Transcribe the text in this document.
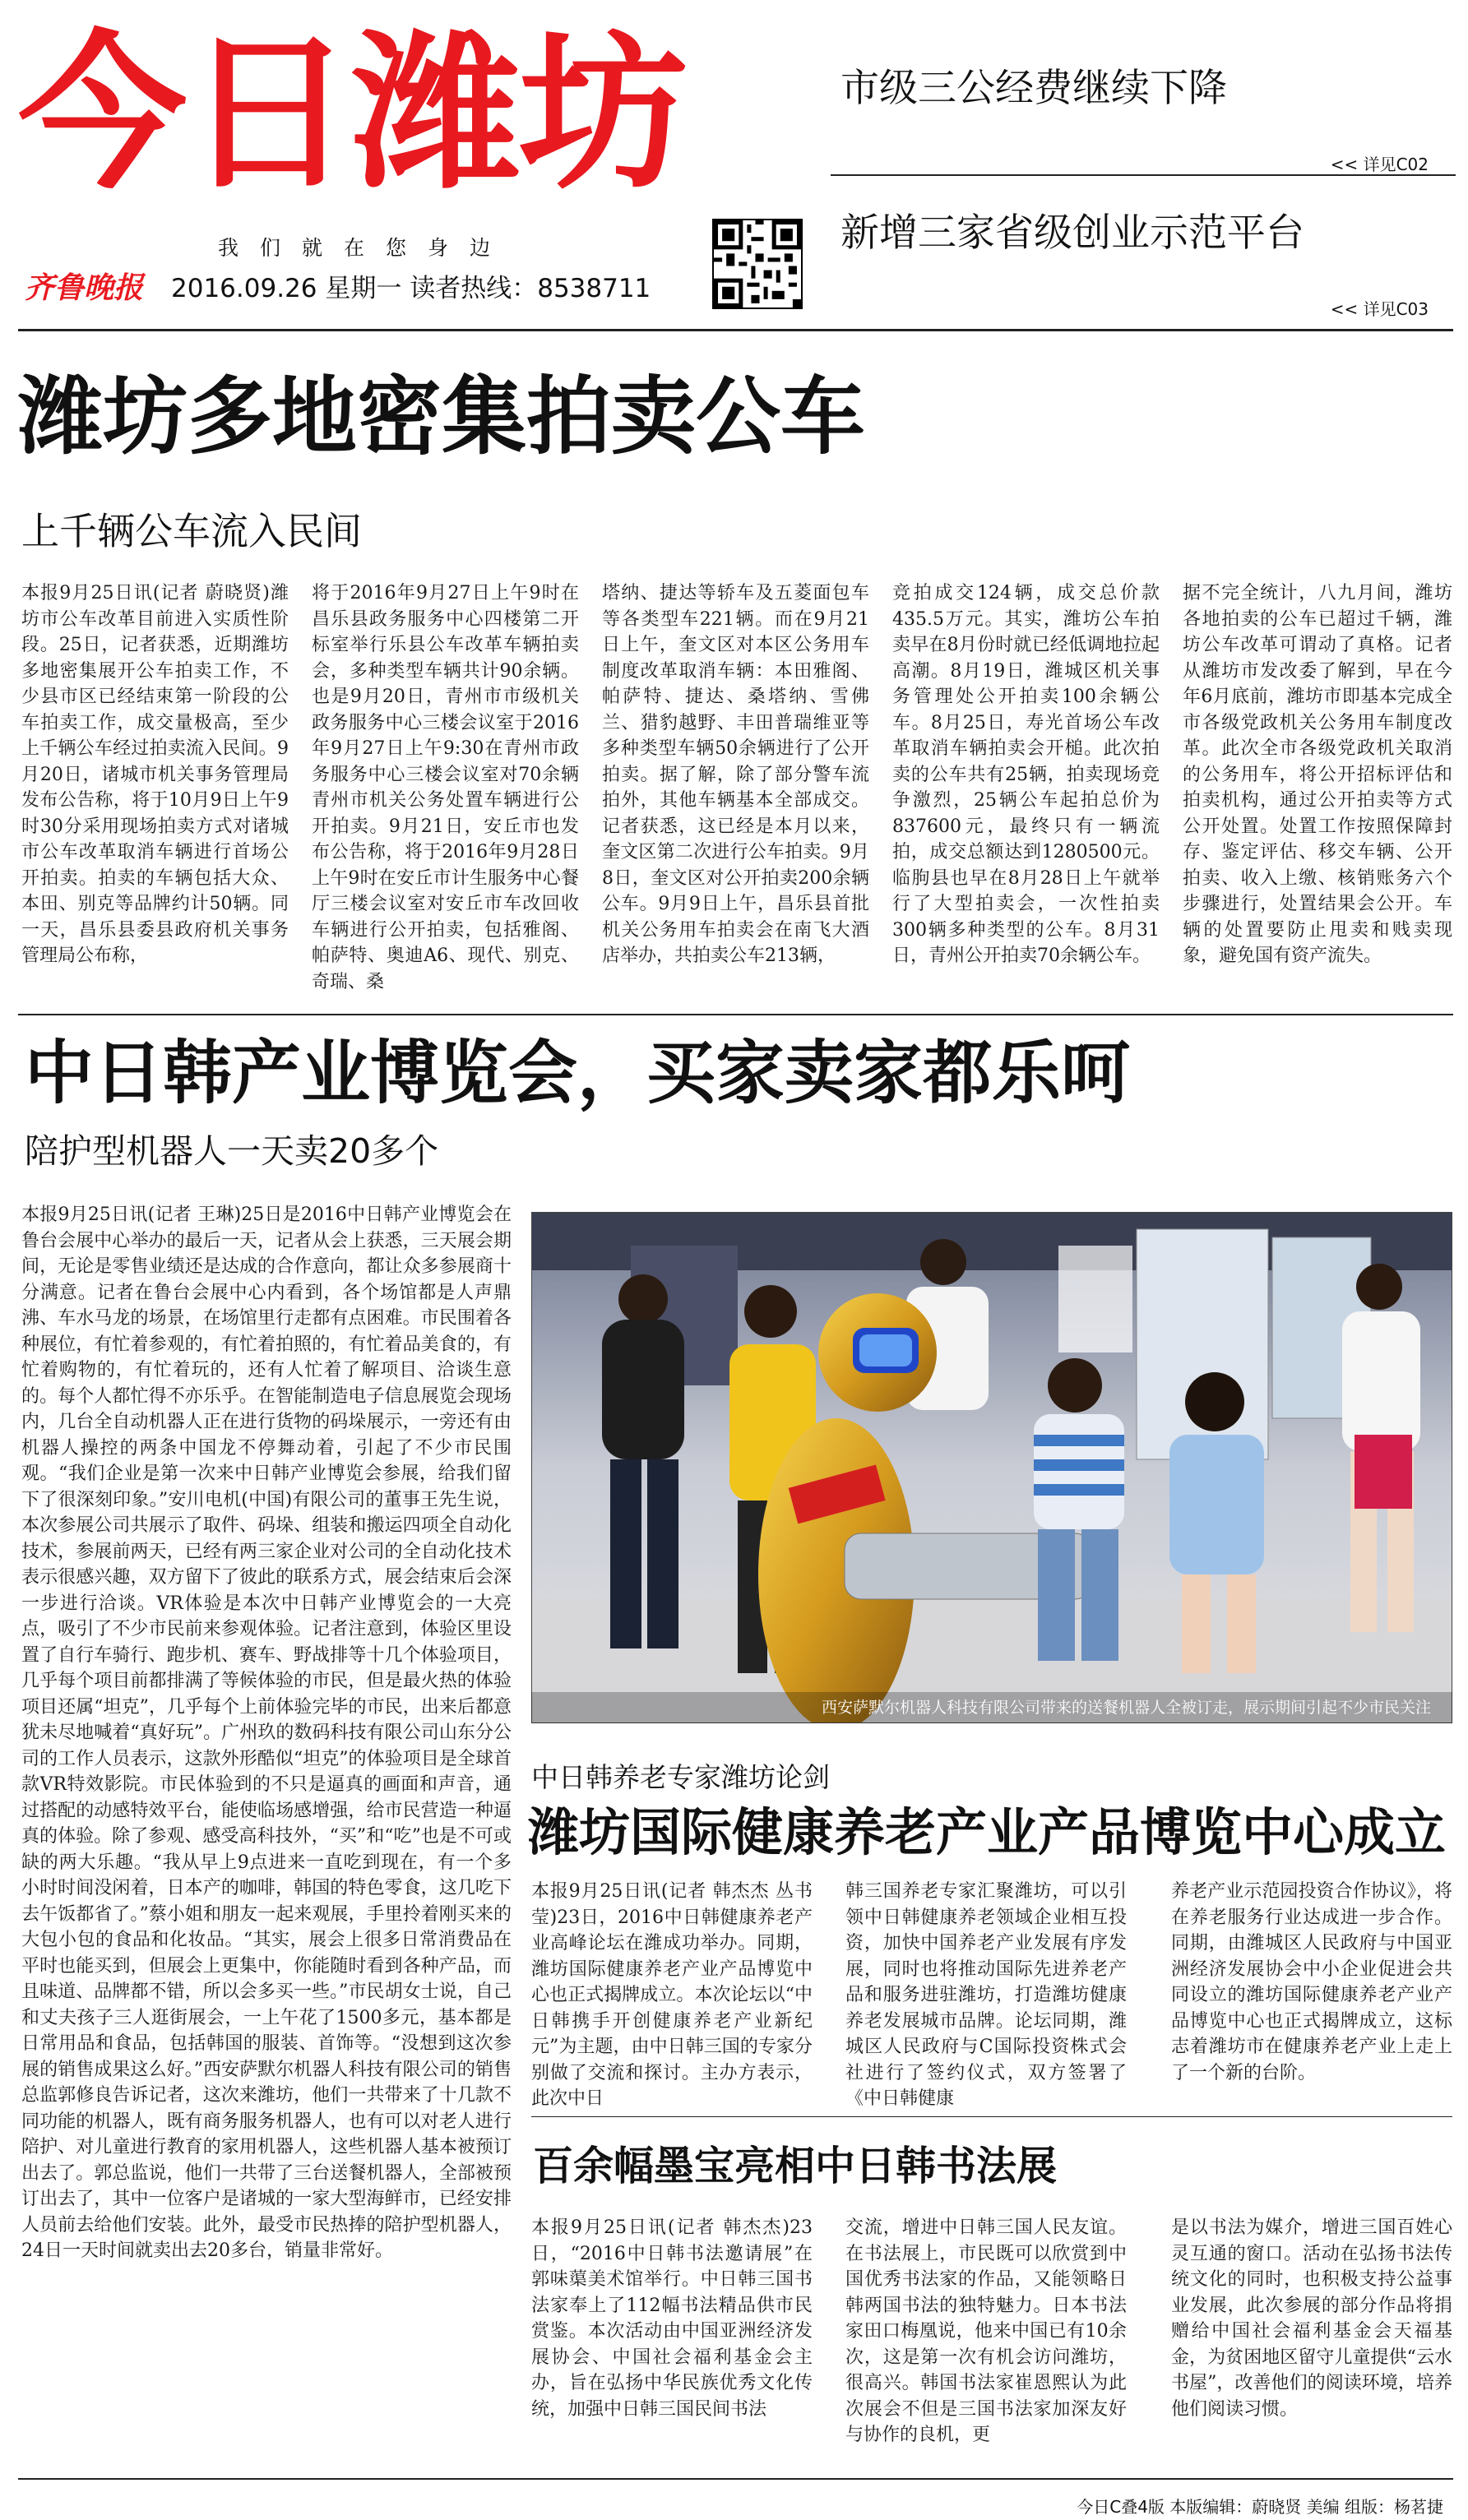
今日潍坊
我们就在您身边
齐鲁晚报 2016.09.26 星期一 读者热线：8538711
市级三公经费继续下降
<< 详见C02
新增三家省级创业示范平台
<< 详见C03
潍坊多地密集拍卖公车
上千辆公车流入民间
本报9月25日讯(记者 蔚晓贤)潍坊市公车改革目前进入实质性阶段。25日，记者获悉，近期潍坊多地密集展开公车拍卖工作，不少县市区已经结束第一阶段的公车拍卖工作，成交量极高，至少上千辆公车经过拍卖流入民间。9月20日，诸城市机关事务管理局发布公告称，将于10月9日上午9时30分采用现场拍卖方式对诸城市公车改革取消车辆进行首场公开拍卖。拍卖的车辆包括大众、本田、别克等品牌约计50辆。同一天，昌乐县委县政府机关事务管理局公布称，
将于2016年9月27日上午9时在昌乐县政务服务中心四楼第二开标室举行乐县公车改革车辆拍卖会，多种类型车辆共计90余辆。也是9月20日，青州市市级机关政务服务中心三楼会议室于2016年9月27日上午9:30在青州市政务服务中心三楼会议室对70余辆青州市机关公务处置车辆进行公开拍卖。9月21日，安丘市也发布公告称，将于2016年9月28日上午9时在安丘市计生服务中心餐厅三楼会议室对安丘市车改回收车辆进行公开拍卖，包括雅阁、帕萨特、奥迪A6、现代、别克、奇瑞、桑
塔纳、捷达等轿车及五菱面包车等各类型车221辆。而在9月21日上午，奎文区对本区公务用车制度改革取消车辆：本田雅阁、帕萨特、捷达、桑塔纳、雪佛兰、猎豹越野、丰田普瑞维亚等多种类型车辆50余辆进行了公开拍卖。据了解，除了部分警车流拍外，其他车辆基本全部成交。记者获悉，这已经是本月以来，奎文区第二次进行公车拍卖。9月8日，奎文区对公开拍卖200余辆公车。9月9日上午，昌乐县首批机关公务用车拍卖会在南飞大酒店举办，共拍卖公车213辆，
竞拍成交124辆，成交总价款435.5万元。其实，潍坊公车拍卖早在8月份时就已经低调地拉起高潮。8月19日，潍城区机关事务管理处公开拍卖100余辆公车。8月25日，寿光首场公车改革取消车辆拍卖会开槌。此次拍卖的公车共有25辆，拍卖现场竞争激烈，25辆公车起拍总价为837600元，最终只有一辆流拍，成交总额达到1280500元。临朐县也早在8月28日上午就举行了大型拍卖会，一次性拍卖300辆多种类型的公车。8月31日，青州公开拍卖70余辆公车。
据不完全统计，八九月间，潍坊各地拍卖的公车已超过千辆，潍坊公车改革可谓动了真格。记者从潍坊市发改委了解到，早在今年6月底前，潍坊市即基本完成全市各级党政机关公务用车制度改革。此次全市各级党政机关取消的公务用车，将公开招标评估和拍卖机构，通过公开拍卖等方式公开处置。处置工作按照保障封存、鉴定评估、移交车辆、公开拍卖、收入上缴、核销账务六个步骤进行，处置结果会公开。车辆的处置要防止甩卖和贱卖现象，避免国有资产流失。
中日韩产业博览会，买家卖家都乐呵
陪护型机器人一天卖20多个
本报9月25日讯(记者 王琳)25日是2016中日韩产业博览会在鲁台会展中心举办的最后一天，记者从会上获悉，三天展会期间，无论是零售业绩还是达成的合作意向，都让众多参展商十分满意。记者在鲁台会展中心内看到，各个场馆都是人声鼎沸、车水马龙的场景，在场馆里行走都有点困难。市民围着各种展位，有忙着参观的，有忙着拍照的，有忙着品美食的，有忙着购物的，有忙着玩的，还有人忙着了解项目、洽谈生意的。每个人都忙得不亦乐乎。在智能制造电子信息展览会现场内，几台全自动机器人正在进行货物的码垛展示，一旁还有由机器人操控的两条中国龙不停舞动着，引起了不少市民围观。“我们企业是第一次来中日韩产业博览会参展，给我们留下了很深刻印象。”安川电机(中国)有限公司的董事王先生说，本次参展公司共展示了取件、码垛、组装和搬运四项全自动化技术，参展前两天，已经有两三家企业对公司的全自动化技术表示很感兴趣，双方留下了彼此的联系方式，展会结束后会深一步进行洽谈。VR体验是本次中日韩产业博览会的一大亮点，吸引了不少市民前来参观体验。记者注意到，体验区里设置了自行车骑行、跑步机、赛车、野战排等十几个体验项目，几乎每个项目前都排满了等候体验的市民，但是最火热的体验项目还属“坦克”，几乎每个上前体验完毕的市民，出来后都意犹未尽地喊着“真好玩”。广州玖的数码科技有限公司山东分公司的工作人员表示，这款外形酷似“坦克”的体验项目是全球首款VR特效影院。市民体验到的不只是逼真的画面和声音，通过搭配的动感特效平台，能使临场感增强，给市民营造一种逼真的体验。除了参观、感受高科技外，“买”和“吃”也是不可或缺的两大乐趣。“我从早上9点进来一直吃到现在，有一个多小时时间没闲着，日本产的咖啡，韩国的特色零食，这几吃下去午饭都省了。”蔡小姐和朋友一起来观展，手里拎着刚买来的大包小包的食品和化妆品。“其实，展会上很多日常消费品在平时也能买到，但展会上更集中，你能随时看到各种产品，而且味道、品牌都不错，所以会多买一些。”市民胡女士说，自己和丈夫孩子三人逛街展会，一上午花了1500多元，基本都是日常用品和食品，包括韩国的服装、首饰等。“没想到这次参展的销售成果这么好。”西安萨默尔机器人科技有限公司的销售总监郭修良告诉记者，这次来潍坊，他们一共带来了十几款不同功能的机器人，既有商务服务机器人，也有可以对老人进行陪护、对儿童进行教育的家用机器人，这些机器人基本被预订出去了。郭总监说，他们一共带了三台送餐机器人，全部被预订出去了，其中一位客户是诸城的一家大型海鲜市，已经安排人员前去给他们安装。此外，最受市民热捧的陪护型机器人，24日一天时间就卖出去20多台，销量非常好。
西安萨默尔机器人科技有限公司带来的送餐机器人全被订走，展示期间引起不少市民关注
中日韩养老专家潍坊论剑
潍坊国际健康养老产业产品博览中心成立
本报9月25日讯(记者 韩杰杰 丛书莹)23日，2016中日韩健康养老产业高峰论坛在潍成功举办。同期，潍坊国际健康养老产业产品博览中心也正式揭牌成立。本次论坛以“中日韩携手开创健康养老产业新纪元”为主题，由中日韩三国的专家分别做了交流和探讨。主办方表示，此次中日
韩三国养老专家汇聚潍坊，可以引领中日韩健康养老领域企业相互投资，加快中国养老产业发展有序发展，同时也将推动国际先进养老产品和服务进驻潍坊，打造潍坊健康养老发展城市品牌。论坛同期，潍城区人民政府与C国际投资株式会社进行了签约仪式，双方签署了《中日韩健康
养老产业示范园投资合作协议》，将在养老服务行业达成进一步合作。同期，由潍城区人民政府与中国亚洲经济发展协会中小企业促进会共同设立的潍坊国际健康养老产业产品博览中心也正式揭牌成立，这标志着潍坊市在健康养老产业上走上了一个新的台阶。
百余幅墨宝亮相中日韩书法展
本报9月25日讯(记者 韩杰杰)23日，“2016中日韩书法邀请展”在郭味蕖美术馆举行。中日韩三国书法家奉上了112幅书法精品供市民赏鉴。本次活动由中国亚洲经济发展协会、中国社会福利基金会主办，旨在弘扬中华民族优秀文化传统，加强中日韩三国民间书法
交流，增进中日韩三国人民友谊。在书法展上，市民既可以欣赏到中国优秀书法家的作品，又能领略日韩两国书法的独特魅力。日本书法家田口梅凰说，他来中国已有10余次，这是第一次有机会访问潍坊，很高兴。韩国书法家崔恩熙认为此次展会不但是三国书法家加深友好与协作的良机，更
是以书法为媒介，增进三国百姓心灵互通的窗口。活动在弘扬书法传统文化的同时，也积极支持公益事业发展，此次参展的部分作品将捐赠给中国社会福利基金会天福基金，为贫困地区留守儿童提供“云水书屋”，改善他们的阅读环境，培养他们阅读习惯。
今日C叠4版 本版编辑：蔚晓贤 美编 组版：杨茗捷
